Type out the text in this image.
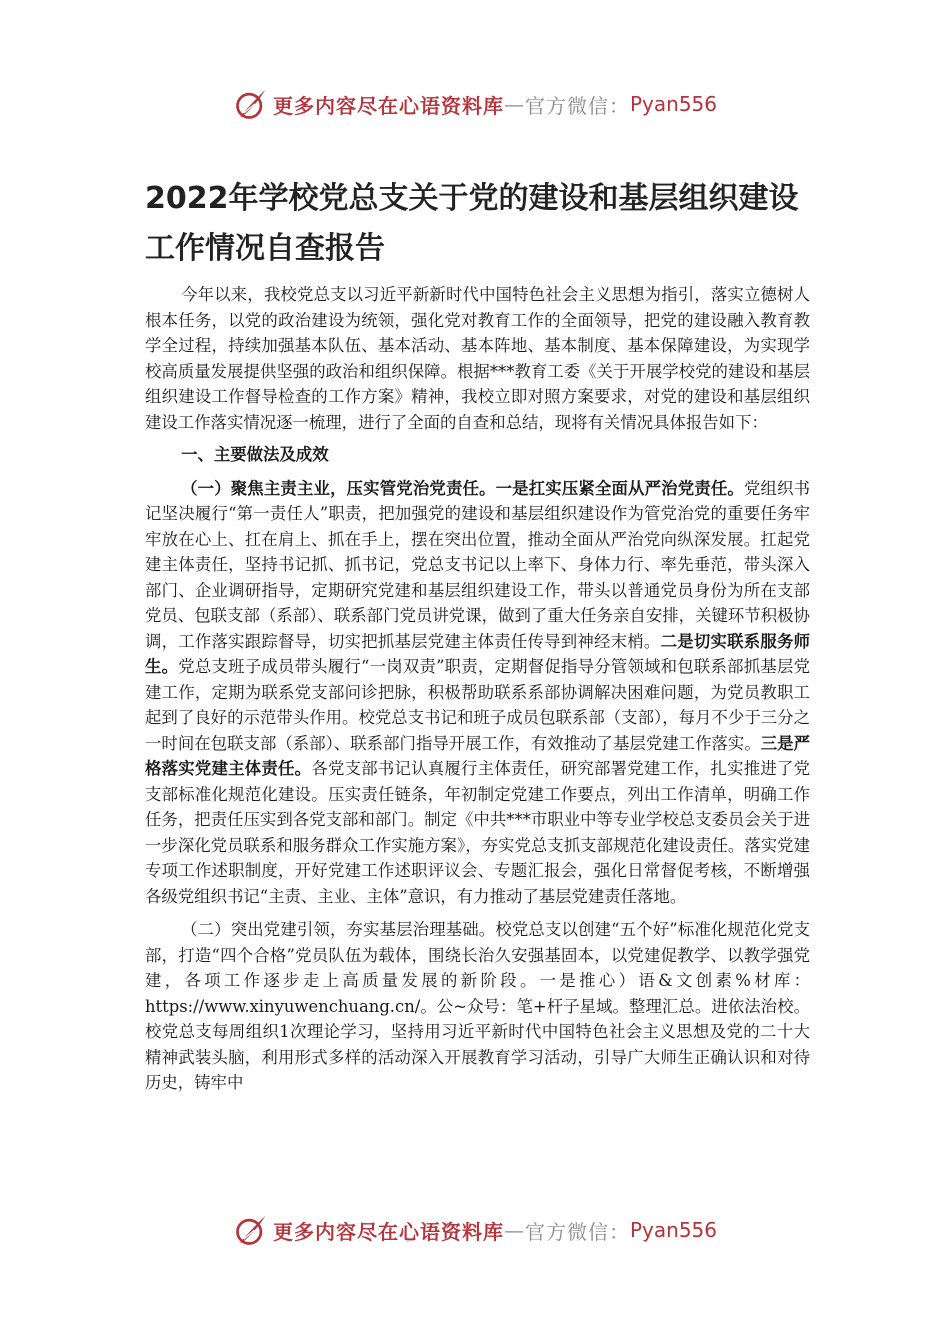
更多内容尽在心语资料库 — 官方微信： Pyan556
2022年学校党总支关于党的建设和基层组织建设工作情况自查报告

今年以来，我校党总支以习近平新新时代中国特色社会主义思想为指引，落实立德树人根本任务，以党的政治建设为统领，强化党对教育工作的全面领导，把党的建设融入教育教学全过程，持续加强基本队伍、基本活动、基本阵地、基本制度、基本保障建设，为实现学校高质量发展提供坚强的政治和组织保障。根据***教育工委《关于开展学校党的建设和基层组织建设工作督导检查的工作方案》精神，我校立即对照方案要求，对党的建设和基层组织建设工作落实情况逐一梳理，进行了全面的自查和总结，现将有关情况具体报告如下：

一、主要做法及成效

（一）聚焦主责主业，压实管党治党责任。一是扛实压紧全面从严治党责任。党组织书记坚决履行“第一责任人”职责，把加强党的建设和基层组织建设作为管党治党的重要任务牢牢放在心上、扛在肩上、抓在手上，摆在突出位置，推动全面从严治党向纵深发展。扛起党建主体责任，坚持书记抓、抓书记，党总支书记以上率下、身体力行、率先垂范，带头深入部门、企业调研指导，定期研究党建和基层组织建设工作，带头以普通党员身份为所在支部党员、包联支部（系部）、联系部门党员讲党课，做到了重大任务亲自安排，关键环节积极协调，工作落实跟踪督导，切实把抓基层党建主体责任传导到神经末梢。二是切实联系服务师生。党总支班子成员带头履行“一岗双责”职责，定期督促指导分管领域和包联系部抓基层党建工作，定期为联系党支部问诊把脉，积极帮助联系系部协调解决困难问题，为党员教职工起到了良好的示范带头作用。校党总支书记和班子成员包联系部（支部），每月不少于三分之一时间在包联支部（系部）、联系部门指导开展工作，有效推动了基层党建工作落实。三是严格落实党建主体责任。各党支部书记认真履行主体责任，研究部署党建工作，扎实推进了党支部标准化规范化建设。压实责任链条，年初制定党建工作要点，列出工作清单，明确工作任务，把责任压实到各党支部和部门。制定《中共***市职业中等专业学校总支委员会关于进一步深化党员联系和服务群众工作实施方案》，夯实党总支抓支部规范化建设责任。落实党建专项工作述职制度，开好党建工作述职评议会、专题汇报会，强化日常督促考核，不断增强各级党组织书记“主责、主业、主体”意识，有力推动了基层党建责任落地。

（二）突出党建引领，夯实基层治理基础。校党总支以创建“五个好”标准化规范化党支部，打造“四个合格”党员队伍为载体，围绕长治久安强基固本，以党建促教学、以教学强党建，各项工作逐步走上高质量发展的新阶段。一是推心）语&文创素%材库：https://www.xinyuwenchuang.cn/。公~众号：笔+杆子星域。整理汇总。进依法治校。校党总支每周组织1次理论学习，坚持用习近平新时代中国特色社会主义思想及党的二十大精神武装头脑，利用形式多样的活动深入开展教育学习活动，引导广大师生正确认识和对待历史，铸牢中

更多内容尽在心语资料库 — 官方微信： Pyan556
